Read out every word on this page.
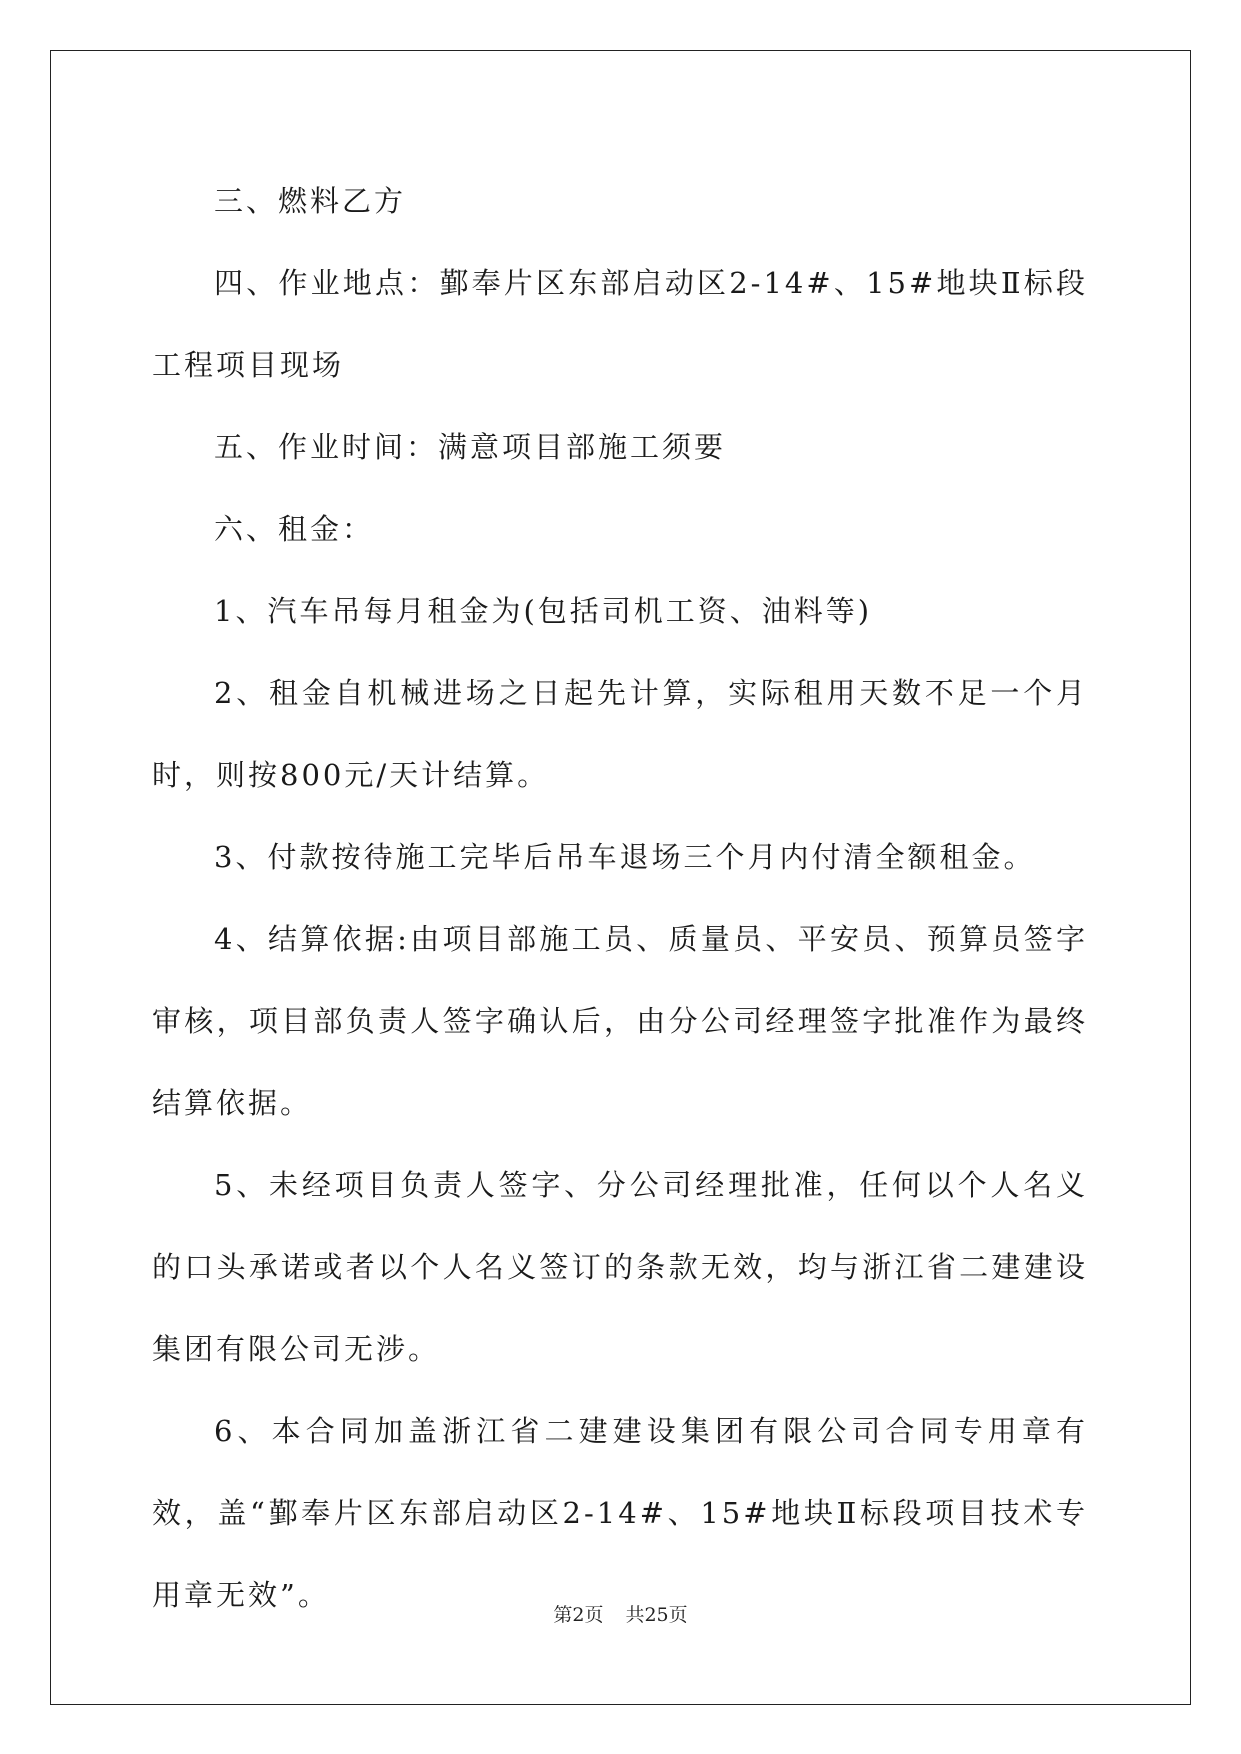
三、燃料乙方

四、作业地点：鄞奉片区东部启动区2-14#、15#地块Ⅱ标段工程项目现场

五、作业时间：满意项目部施工须要

六、租金：

1、汽车吊每月租金为(包括司机工资、油料等)

2、租金自机械进场之日起先计算，实际租用天数不足一个月时，则按800元/天计结算。

3、付款按待施工完毕后吊车退场三个月内付清全额租金。

4、结算依据:由项目部施工员、质量员、平安员、预算员签字审核，项目部负责人签字确认后，由分公司经理签字批准作为最终结算依据。

5、未经项目负责人签字、分公司经理批准，任何以个人名义的口头承诺或者以个人名义签订的条款无效，均与浙江省二建建设集团有限公司无涉。

6、本合同加盖浙江省二建建设集团有限公司合同专用章有效，盖“鄞奉片区东部启动区2-14#、15#地块Ⅱ标段项目技术专用章无效”。

第2页 共25页
